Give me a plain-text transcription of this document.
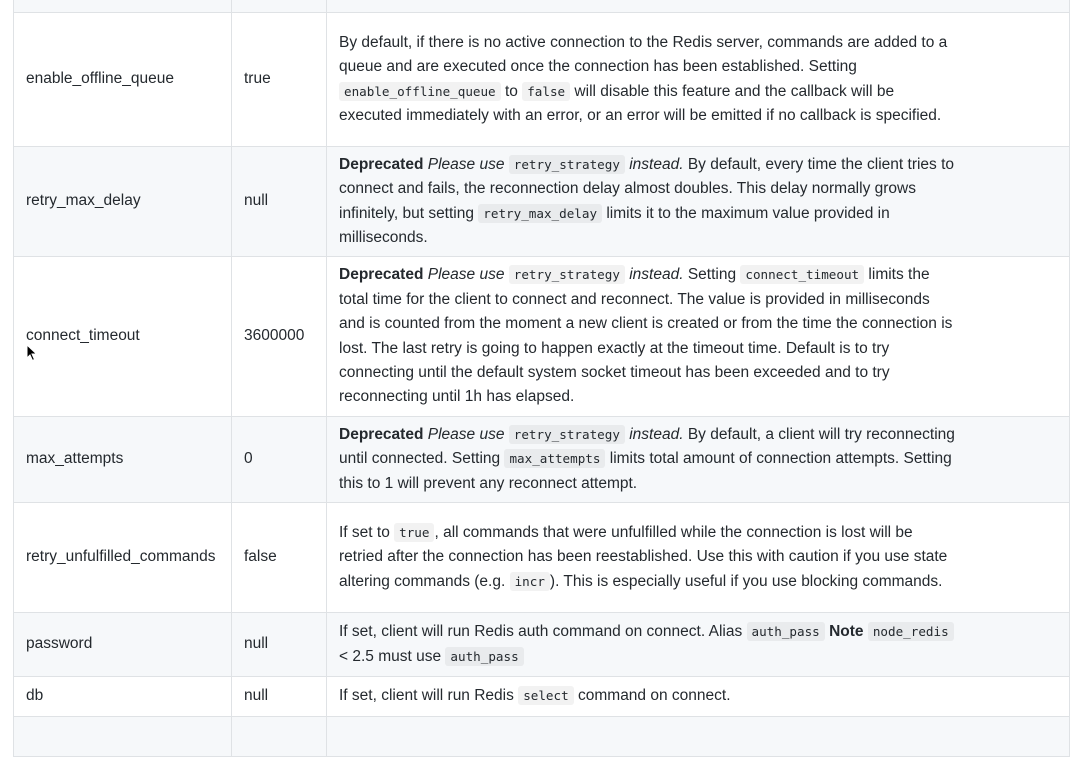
enable_offline_queue	true	By default, if there is no active connection to the Redis server, commands are added to a queue and are executed once the connection has been established. Setting enable_offline_queue to false will disable this feature and the callback will be executed immediately with an error, or an error will be emitted if no callback is specified.

retry_max_delay	null	Deprecated Please use retry_strategy instead. By default, every time the client tries to connect and fails, the reconnection delay almost doubles. This delay normally grows infinitely, but setting retry_max_delay limits it to the maximum value provided in milliseconds.

connect_timeout	3600000	Deprecated Please use retry_strategy instead. Setting connect_timeout limits the total time for the client to connect and reconnect. The value is provided in milliseconds and is counted from the moment a new client is created or from the time the connection is lost. The last retry is going to happen exactly at the timeout time. Default is to try connecting until the default system socket timeout has been exceeded and to try reconnecting until 1h has elapsed.

max_attempts	0	Deprecated Please use retry_strategy instead. By default, a client will try reconnecting until connected. Setting max_attempts limits total amount of connection attempts. Setting this to 1 will prevent any reconnect attempt.

retry_unfulfilled_commands	false	If set to true , all commands that were unfulfilled while the connection is lost will be retried after the connection has been reestablished. Use this with caution if you use state altering commands (e.g. incr ). This is especially useful if you use blocking commands.

password	null	If set, client will run Redis auth command on connect. Alias auth_pass Note node_redis < 2.5 must use auth_pass

db	null	If set, client will run Redis select command on connect.
